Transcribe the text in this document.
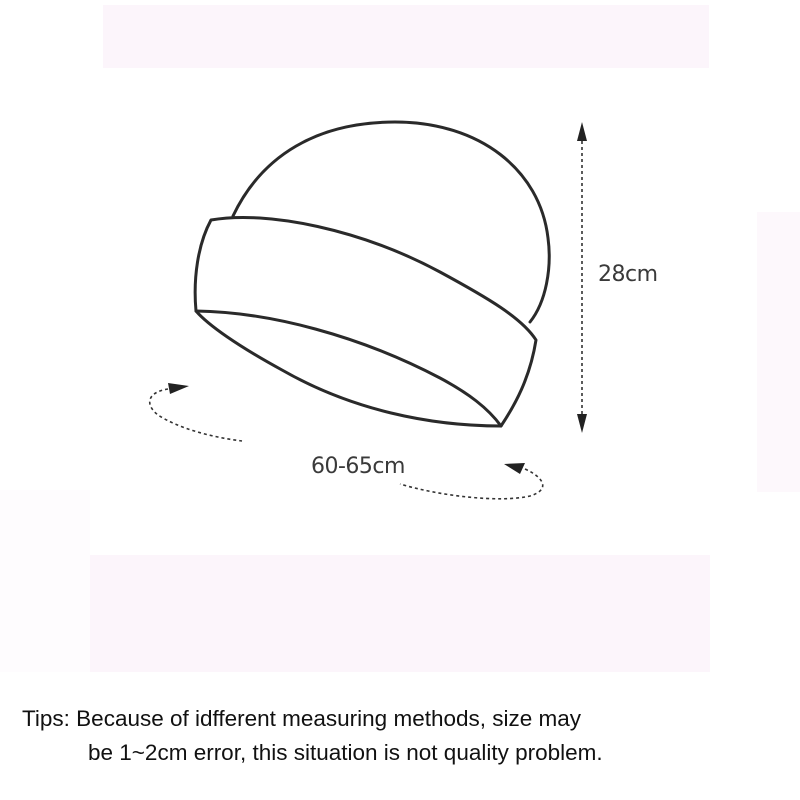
28cm
60-65cm
Tips: Because of idfferent measuring methods, size may
be 1~2cm error, this situation is not quality problem.
